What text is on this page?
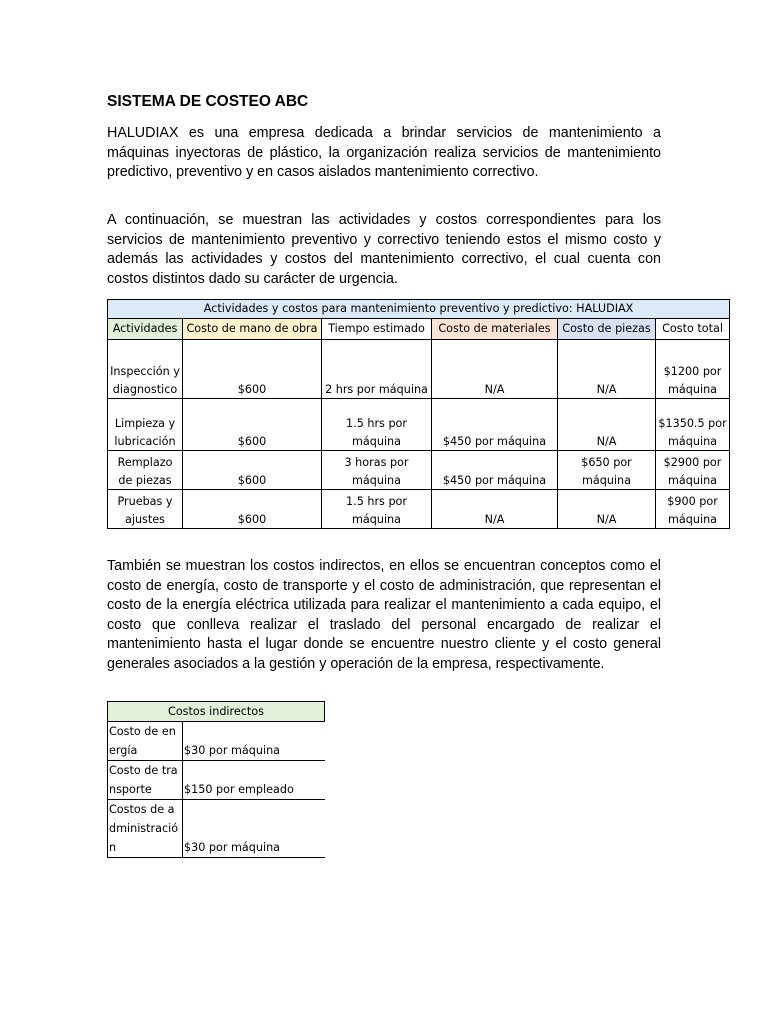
SISTEMA DE COSTEO ABC

HALUDIAX es una empresa dedicada a brindar servicios de mantenimiento a máquinas inyectoras de plástico, la organización realiza servicios de mantenimiento predictivo, preventivo y en casos aislados mantenimiento correctivo.

A continuación, se muestran las actividades y costos correspondientes para los servicios de mantenimiento preventivo y correctivo teniendo estos el mismo costo y además las actividades y costos del mantenimiento correctivo, el cual cuenta con costos distintos dado su carácter de urgencia.

Actividades y costos para mantenimiento preventivo y predictivo: HALUDIAX					
Actividades	Costo de mano de obra	Tiempo estimado	Costo de materiales	Costo de piezas	Costo total
Inspección y diagnostico	$600	2 hrs por máquina	N/A	N/A	$1200 por máquina
Limpieza y lubricación	$600	1.5 hrs por máquina	$450 por máquina	N/A	$1350.5 por máquina
Remplazo de piezas	$600	3 horas por máquina	$450 por máquina	$650 por máquina	$2900 por máquina
Pruebas y ajustes	$600	1.5 hrs por máquina	N/A	N/A	$900 por máquina

También se muestran los costos indirectos, en ellos se encuentran conceptos como el costo de energía, costo de transporte y el costo de administración, que representan el costo de la energía eléctrica utilizada para realizar el mantenimiento a cada equipo, el costo que conlleva realizar el traslado del personal encargado de realizar el mantenimiento hasta el lugar donde se encuentre nuestro cliente y el costo general generales asociados a la gestión y operación de la empresa, respectivamente.

Costos indirectos	
Costo de energía	$30 por máquina
Costo de transporte	$150 por empleado
Costos de administración	$30 por máquina
